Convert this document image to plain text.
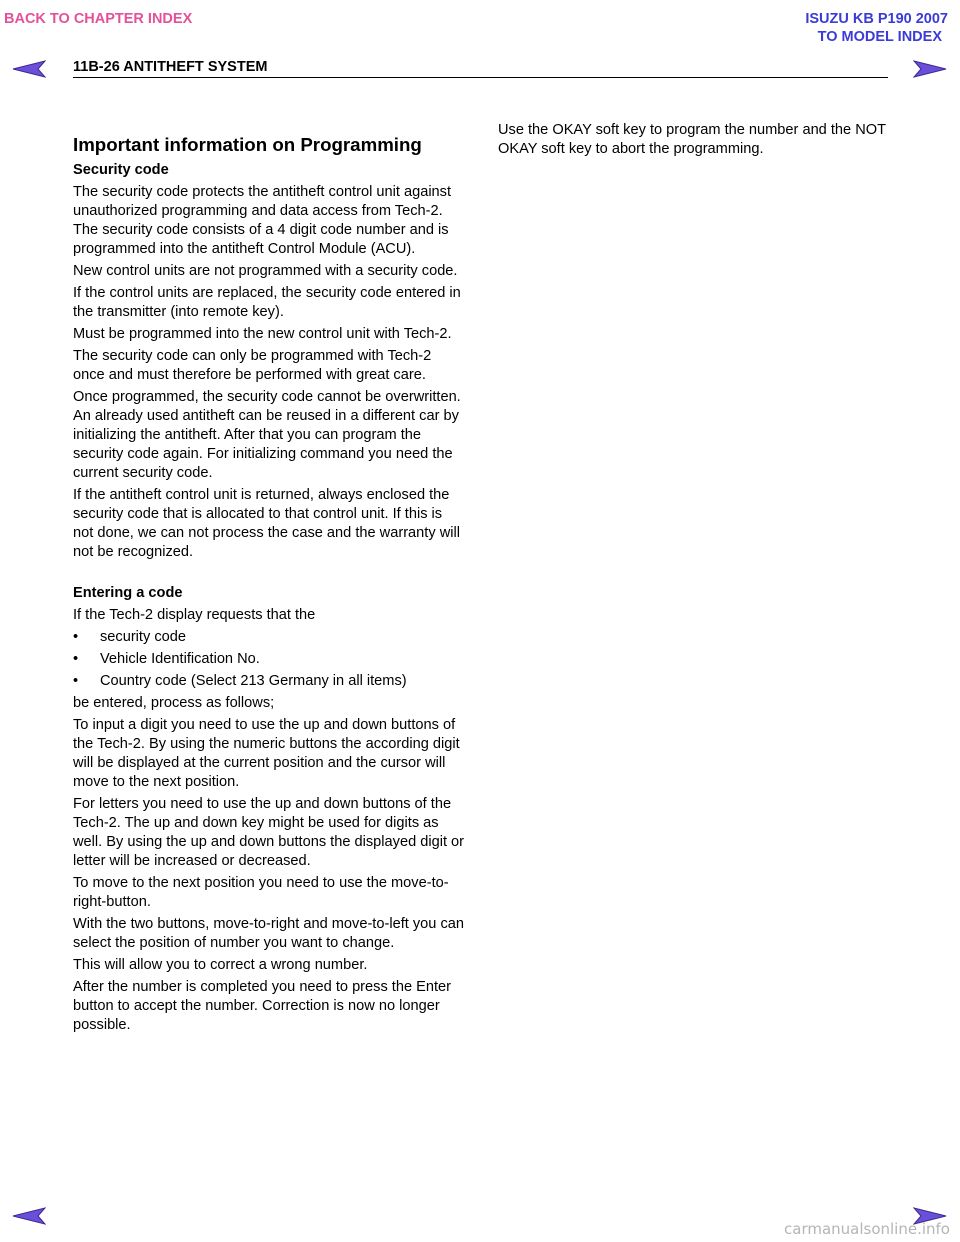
BACK TO CHAPTER INDEX	ISUZU KB P190 2007
TO MODEL INDEX
11B-26 ANTITHEFT SYSTEM
Important information on Programming
Security code

The security code protects the antitheft control unit against unauthorized programming and data access from Tech-2. The security code consists of a 4 digit code number and is programmed into the antitheft Control Module (ACU).

New control units are not programmed with a security code.

If the control units are replaced, the security code entered in the transmitter (into remote key).

Must be programmed into the new control unit with Tech-2.

The security code can only be programmed with Tech-2 once and must therefore be performed with great care.

Once programmed, the security code cannot be overwritten. An already used antitheft can be reused in a different car by initializing the antitheft. After that you can program the security code again. For initializing command you need the current security code.

If the antitheft control unit is returned, always enclosed the security code that is allocated to that control unit. If this is not done, we can not process the case and the warranty will not be recognized.

Entering a code

If the Tech-2 display requests that the

• security code
• Vehicle Identification No.
• Country code (Select 213 Germany in all items)

be entered, process as follows;

To input a digit you need to use the up and down buttons of the Tech-2. By using the numeric buttons the according digit will be displayed at the current position and the cursor will move to the next position.

For letters you need to use the up and down buttons of the Tech-2. The up and down key might be used for digits as well. By using the up and down buttons the displayed digit or letter will be increased or decreased.

To move to the next position you need to use the move-to-right-button.

With the two buttons, move-to-right and move-to-left you can select the position of number you want to change.

This will allow you to correct a wrong number.

After the number is completed you need to press the Enter button to accept the number. Correction is now no longer possible.

Use the OKAY soft key to program the number and the NOT OKAY soft key to abort the programming.

carmanualsonline.info
